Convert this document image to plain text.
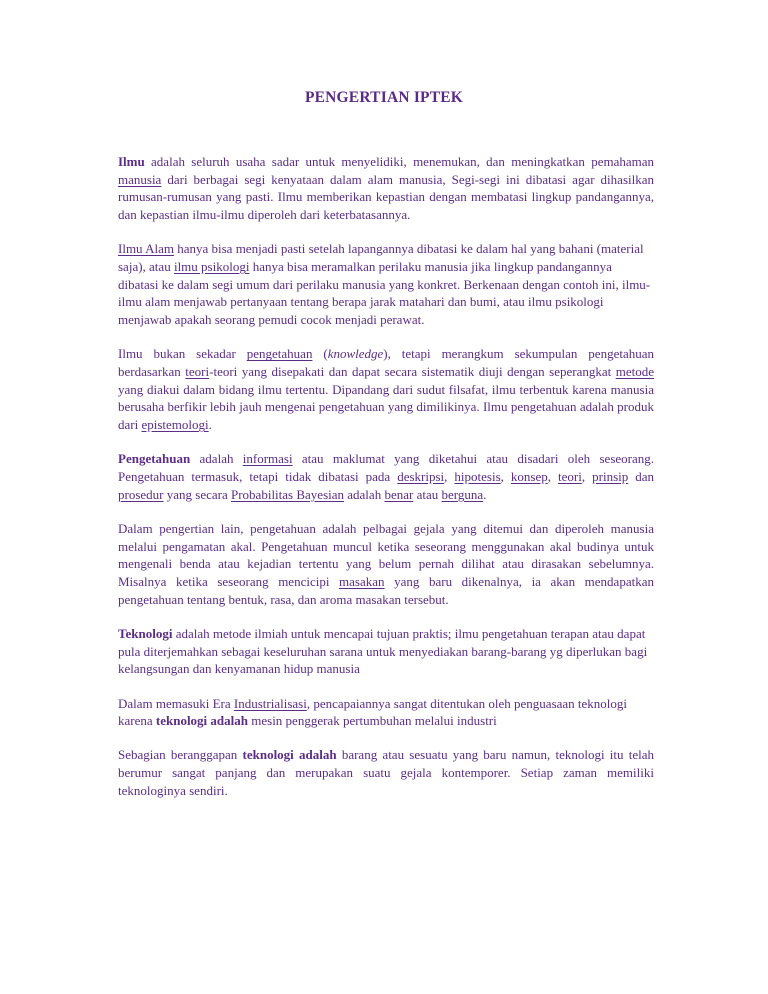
PENGERTIAN IPTEK

Ilmu adalah seluruh usaha sadar untuk menyelidiki, menemukan, dan meningkatkan pemahaman manusia dari berbagai segi kenyataan dalam alam manusia, Segi-segi ini dibatasi agar dihasilkan rumusan-rumusan yang pasti. Ilmu memberikan kepastian dengan membatasi lingkup pandangannya, dan kepastian ilmu-ilmu diperoleh dari keterbatasannya.

Ilmu Alam hanya bisa menjadi pasti setelah lapangannya dibatasi ke dalam hal yang bahani (material saja), atau ilmu psikologi hanya bisa meramalkan perilaku manusia jika lingkup pandangannya dibatasi ke dalam segi umum dari perilaku manusia yang konkret. Berkenaan dengan contoh ini, ilmu-ilmu alam menjawab pertanyaan tentang berapa jarak matahari dan bumi, atau ilmu psikologi menjawab apakah seorang pemudi cocok menjadi perawat.

Ilmu bukan sekadar pengetahuan (knowledge), tetapi merangkum sekumpulan pengetahuan berdasarkan teori-teori yang disepakati dan dapat secara sistematik diuji dengan seperangkat metode yang diakui dalam bidang ilmu tertentu. Dipandang dari sudut filsafat, ilmu terbentuk karena manusia berusaha berfikir lebih jauh mengenai pengetahuan yang dimilikinya. Ilmu pengetahuan adalah produk dari epistemologi.

Pengetahuan adalah informasi atau maklumat yang diketahui atau disadari oleh seseorang. Pengetahuan termasuk, tetapi tidak dibatasi pada deskripsi, hipotesis, konsep, teori, prinsip dan prosedur yang secara Probabilitas Bayesian adalah benar atau berguna.

Dalam pengertian lain, pengetahuan adalah pelbagai gejala yang ditemui dan diperoleh manusia melalui pengamatan akal. Pengetahuan muncul ketika seseorang menggunakan akal budinya untuk mengenali benda atau kejadian tertentu yang belum pernah dilihat atau dirasakan sebelumnya. Misalnya ketika seseorang mencicipi masakan yang baru dikenalnya, ia akan mendapatkan pengetahuan tentang bentuk, rasa, dan aroma masakan tersebut.

Teknologi adalah metode ilmiah untuk mencapai tujuan praktis; ilmu pengetahuan terapan atau dapat pula diterjemahkan sebagai keseluruhan sarana untuk menyediakan barang-barang yg diperlukan bagi kelangsungan dan kenyamanan hidup manusia

Dalam memasuki Era Industrialisasi, pencapaiannya sangat ditentukan oleh penguasaan teknologi karena teknologi adalah mesin penggerak pertumbuhan melalui industri

Sebagian beranggapan teknologi adalah barang atau sesuatu yang baru namun, teknologi itu telah berumur sangat panjang dan merupakan suatu gejala kontemporer. Setiap zaman memiliki teknologinya sendiri.
